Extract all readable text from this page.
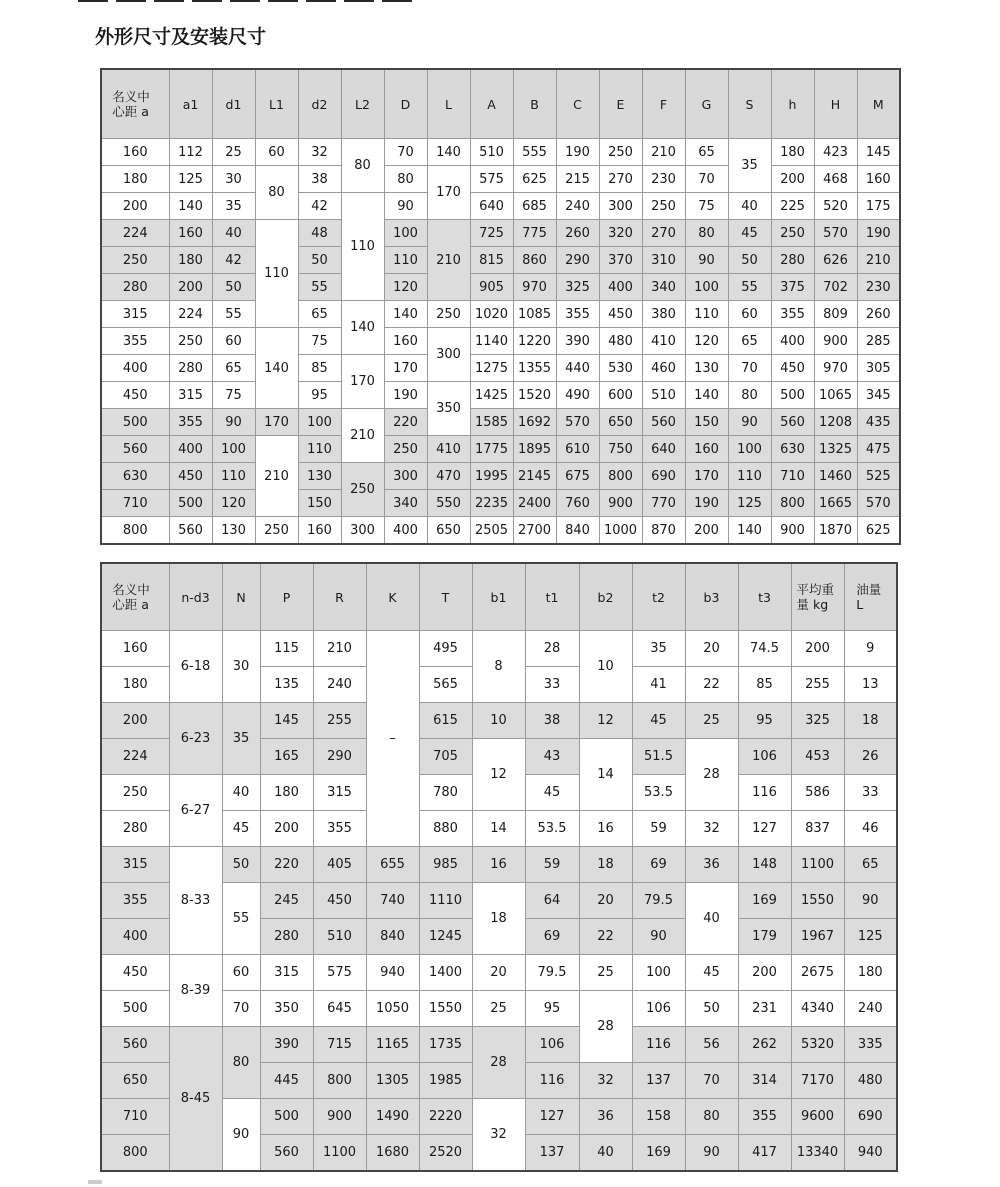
外形尺寸及安装尺寸
名义中心距 a	a1	d1	L1	d2	L2	D	L	A	B	C	E	F	G	S	h	H	M
160	112	25	60	32	80	70	140	510	555	190	250	210	65	35	180	423	145
180	125	30	80	38		80	170	575	625	215	270	230	70		200	468	160
200	140	35		42	110	90		640	685	240	300	250	75	40	225	520	175
224	160	40	110	48		100	210	725	775	260	320	270	80	45	250	570	190
250	180	42		50		110		815	860	290	370	310	90	50	280	626	210
280	200	50		55		120		905	970	325	400	340	100	55	375	702	230
315	224	55		65	140	140	250	1020	1085	355	450	380	110	60	355	809	260
355	250	60	140	75		160	300	1140	1220	390	480	410	120	65	400	900	285
400	280	65		85	170	170		1275	1355	440	530	460	130	70	450	970	305
450	315	75		95		190	350	1425	1520	490	600	510	140	80	500	1065	345
500	355	90	170	100	210	220		1585	1692	570	650	560	150	90	560	1208	435
560	400	100	210	110		250	410	1775	1895	610	750	640	160	100	630	1325	475
630	450	110		130	250	300	470	1995	2145	675	800	690	170	110	710	1460	525
710	500	120		150		340	550	2235	2400	760	900	770	190	125	800	1665	570
800	560	130	250	160	300	400	650	2505	2700	840	1000	870	200	140	900	1870	625
名义中心距 a	n-d3	N	P	R	K	T	b1	t1	b2	t2	b3	t3	平均重量 kg	油量 L
160	6-18	30	115	210	–	495	8	28	10	35	20	74.5	200	9
180			135	240		565		33		41	22	85	255	13
200	6-23	35	145	255		615	10	38	12	45	25	95	325	18
224			165	290		705	12	43	14	51.5	28	106	453	26
250	6-27	40	180	315		780		45		53.5		116	586	33
280		45	200	355		880	14	53.5	16	59	32	127	837	46
315	8-33	50	220	405	655	985	16	59	18	69	36	148	1100	65
355		55	245	450	740	1110	18	64	20	79.5	40	169	1550	90
400			280	510	840	1245		69	22	90		179	1967	125
450	8-39	60	315	575	940	1400	20	79.5	25	100	45	200	2675	180
500		70	350	645	1050	1550	25	95	28	106	50	231	4340	240
560	8-45	80	390	715	1165	1735	28	106		116	56	262	5320	335
650			445	800	1305	1985		116	32	137	70	314	7170	480
710		90	500	900	1490	2220	32	127	36	158	80	355	9600	690
800			560	1100	1680	2520		137	40	169	90	417	13340	940
